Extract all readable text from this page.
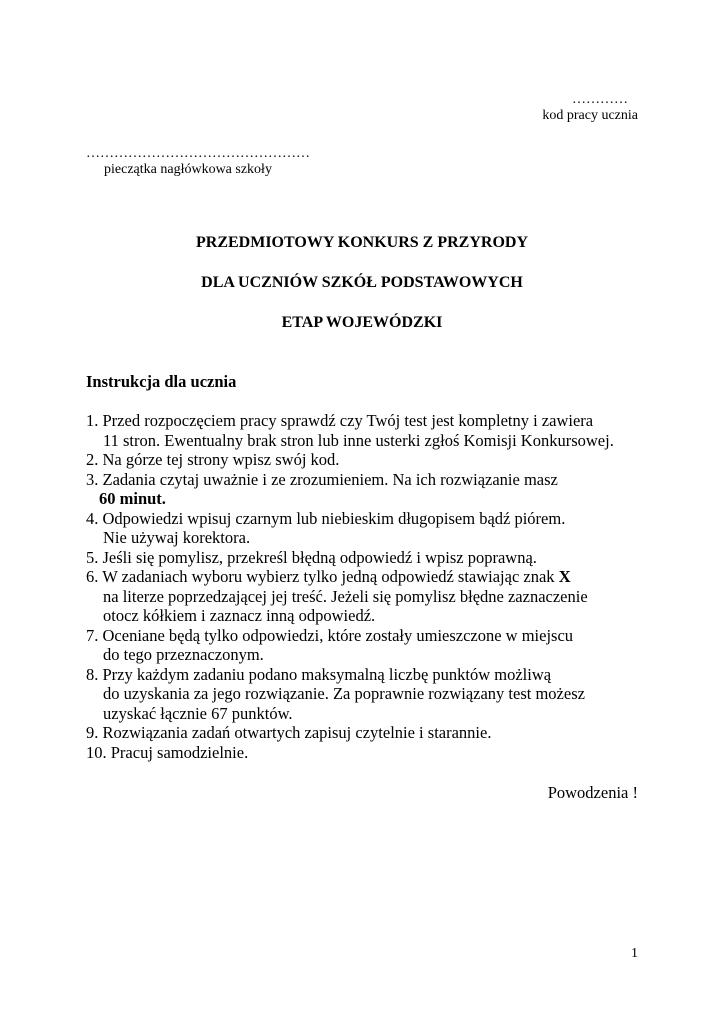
…………
kod pracy ucznia
…………………………………………
pieczątka nagłówkowa szkoły
PRZEDMIOTOWY KONKURS Z PRZYRODY
DLA UCZNIÓW SZKÓŁ PODSTAWOWYCH
ETAP WOJEWÓDZKI
Instrukcja dla ucznia
1. Przed rozpoczęciem pracy sprawdź czy Twój test jest kompletny i zawiera
11 stron. Ewentualny brak stron lub inne usterki zgłoś Komisji Konkursowej.
2. Na górze tej strony wpisz swój kod.
3. Zadania czytaj uważnie i ze zrozumieniem. Na ich rozwiązanie masz
60 minut.
4. Odpowiedzi wpisuj czarnym lub niebieskim długopisem bądź piórem.
Nie używaj korektora.
5. Jeśli się pomylisz, przekreśl błędną odpowiedź i wpisz poprawną.
6. W zadaniach wyboru wybierz tylko jedną odpowiedź stawiając znak X
na literze poprzedzającej jej treść. Jeżeli się pomylisz błędne zaznaczenie
otocz kółkiem i zaznacz inną odpowiedź.
7. Oceniane będą tylko odpowiedzi, które zostały umieszczone w miejscu
do tego przeznaczonym.
8. Przy każdym zadaniu podano maksymalną liczbę punktów możliwą
do uzyskania za jego rozwiązanie. Za poprawnie rozwiązany test możesz
uzyskać łącznie 67 punktów.
9. Rozwiązania zadań otwartych zapisuj czytelnie i starannie.
10. Pracuj samodzielnie.
Powodzenia !
1
